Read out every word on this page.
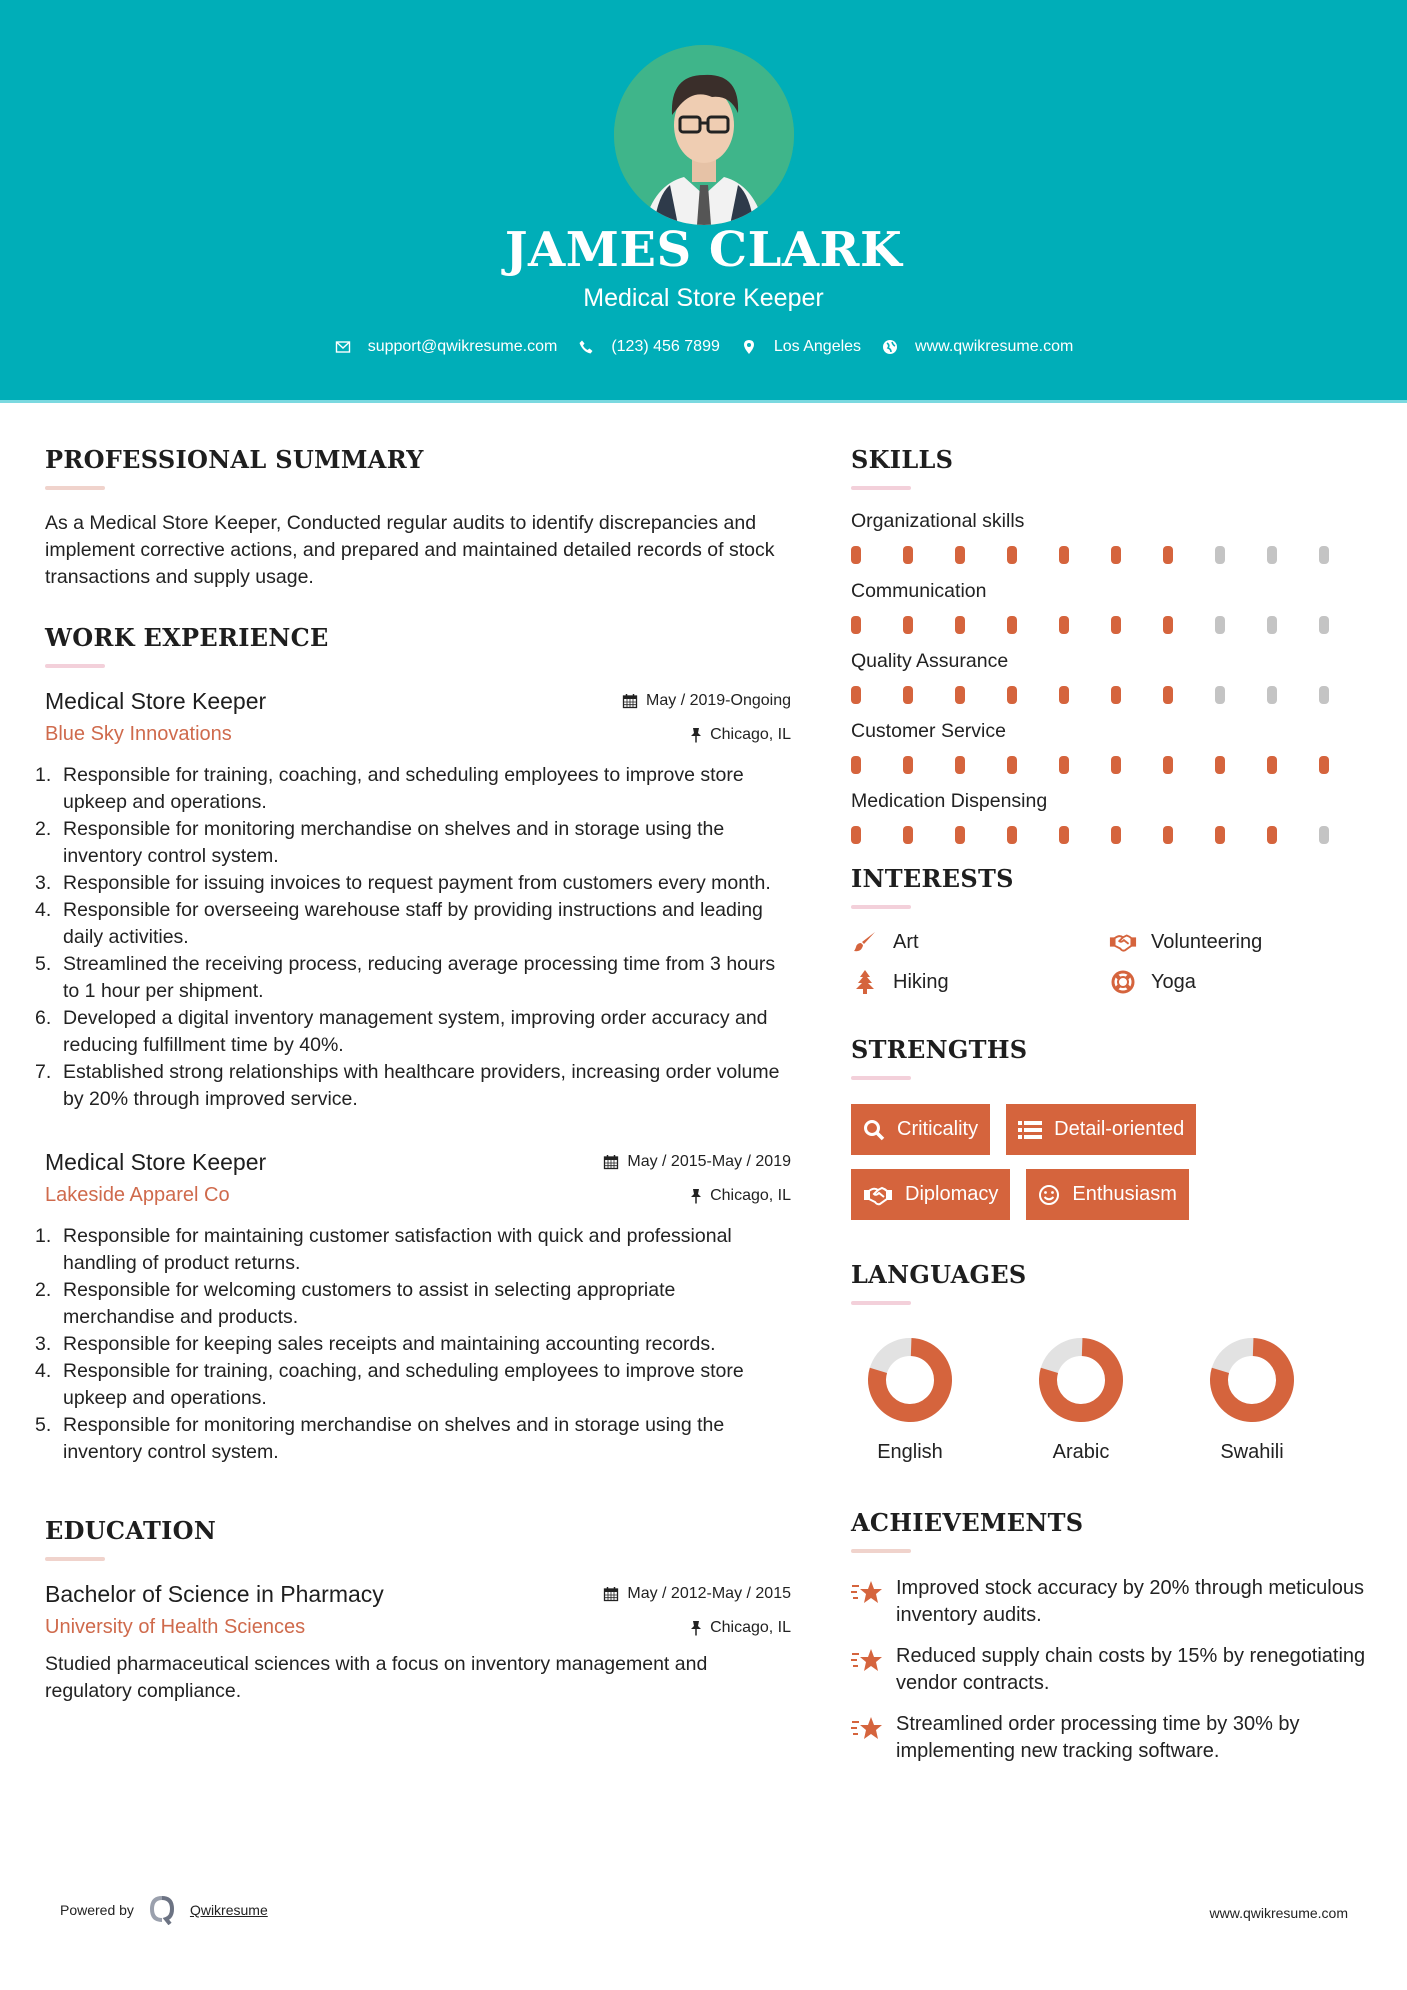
JAMES CLARK
Medical Store Keeper
support@qwikresume.com	(123) 456 7899	Los Angeles	www.qwikresume.com
PROFESSIONAL SUMMARY

As a Medical Store Keeper, Conducted regular audits to identify discrepancies and implement corrective actions, and prepared and maintained detailed records of stock transactions and supply usage.

WORK EXPERIENCE
Medical Store Keeper	May / 2019-Ongoing
Blue Sky Innovations	Chicago, IL
Responsible for training, coaching, and scheduling employees to improve store upkeep and operations.
Responsible for monitoring merchandise on shelves and in storage using the inventory control system.
Responsible for issuing invoices to request payment from customers every month.
Responsible for overseeing warehouse staff by providing instructions and leading daily activities.
Streamlined the receiving process, reducing average processing time from 3 hours to 1 hour per shipment.
Developed a digital inventory management system, improving order accuracy and reducing fulfillment time by 40%.
Established strong relationships with healthcare providers, increasing order volume by 20% through improved service.
Medical Store Keeper	May / 2015-May / 2019
Lakeside Apparel Co	Chicago, IL
Responsible for maintaining customer satisfaction with quick and professional handling of product returns.
Responsible for welcoming customers to assist in selecting appropriate merchandise and products.
Responsible for keeping sales receipts and maintaining accounting records.
Responsible for training, coaching, and scheduling employees to improve store upkeep and operations.
Responsible for monitoring merchandise on shelves and in storage using the inventory control system.
EDUCATION
Bachelor of Science in Pharmacy	May / 2012-May / 2015
University of Health Sciences	Chicago, IL

Studied pharmaceutical sciences with a focus on inventory management and regulatory compliance.

SKILLS
Organizational skills
Communication
Quality Assurance
Customer Service
Medication Dispensing
INTERESTS
Art	Volunteering
Hiking	Yoga
STRENGTHS
Criticality	Detail-oriented
Diplomacy	Enthusiasm
LANGUAGES
English	Arabic	Swahili
ACHIEVEMENTS
Improved stock accuracy by 20% through meticulous inventory audits.
Reduced supply chain costs by 15% by renegotiating vendor contracts.
Streamlined order processing time by 30% by implementing new tracking software.
Powered by	Qwikresume	www.qwikresume.com
